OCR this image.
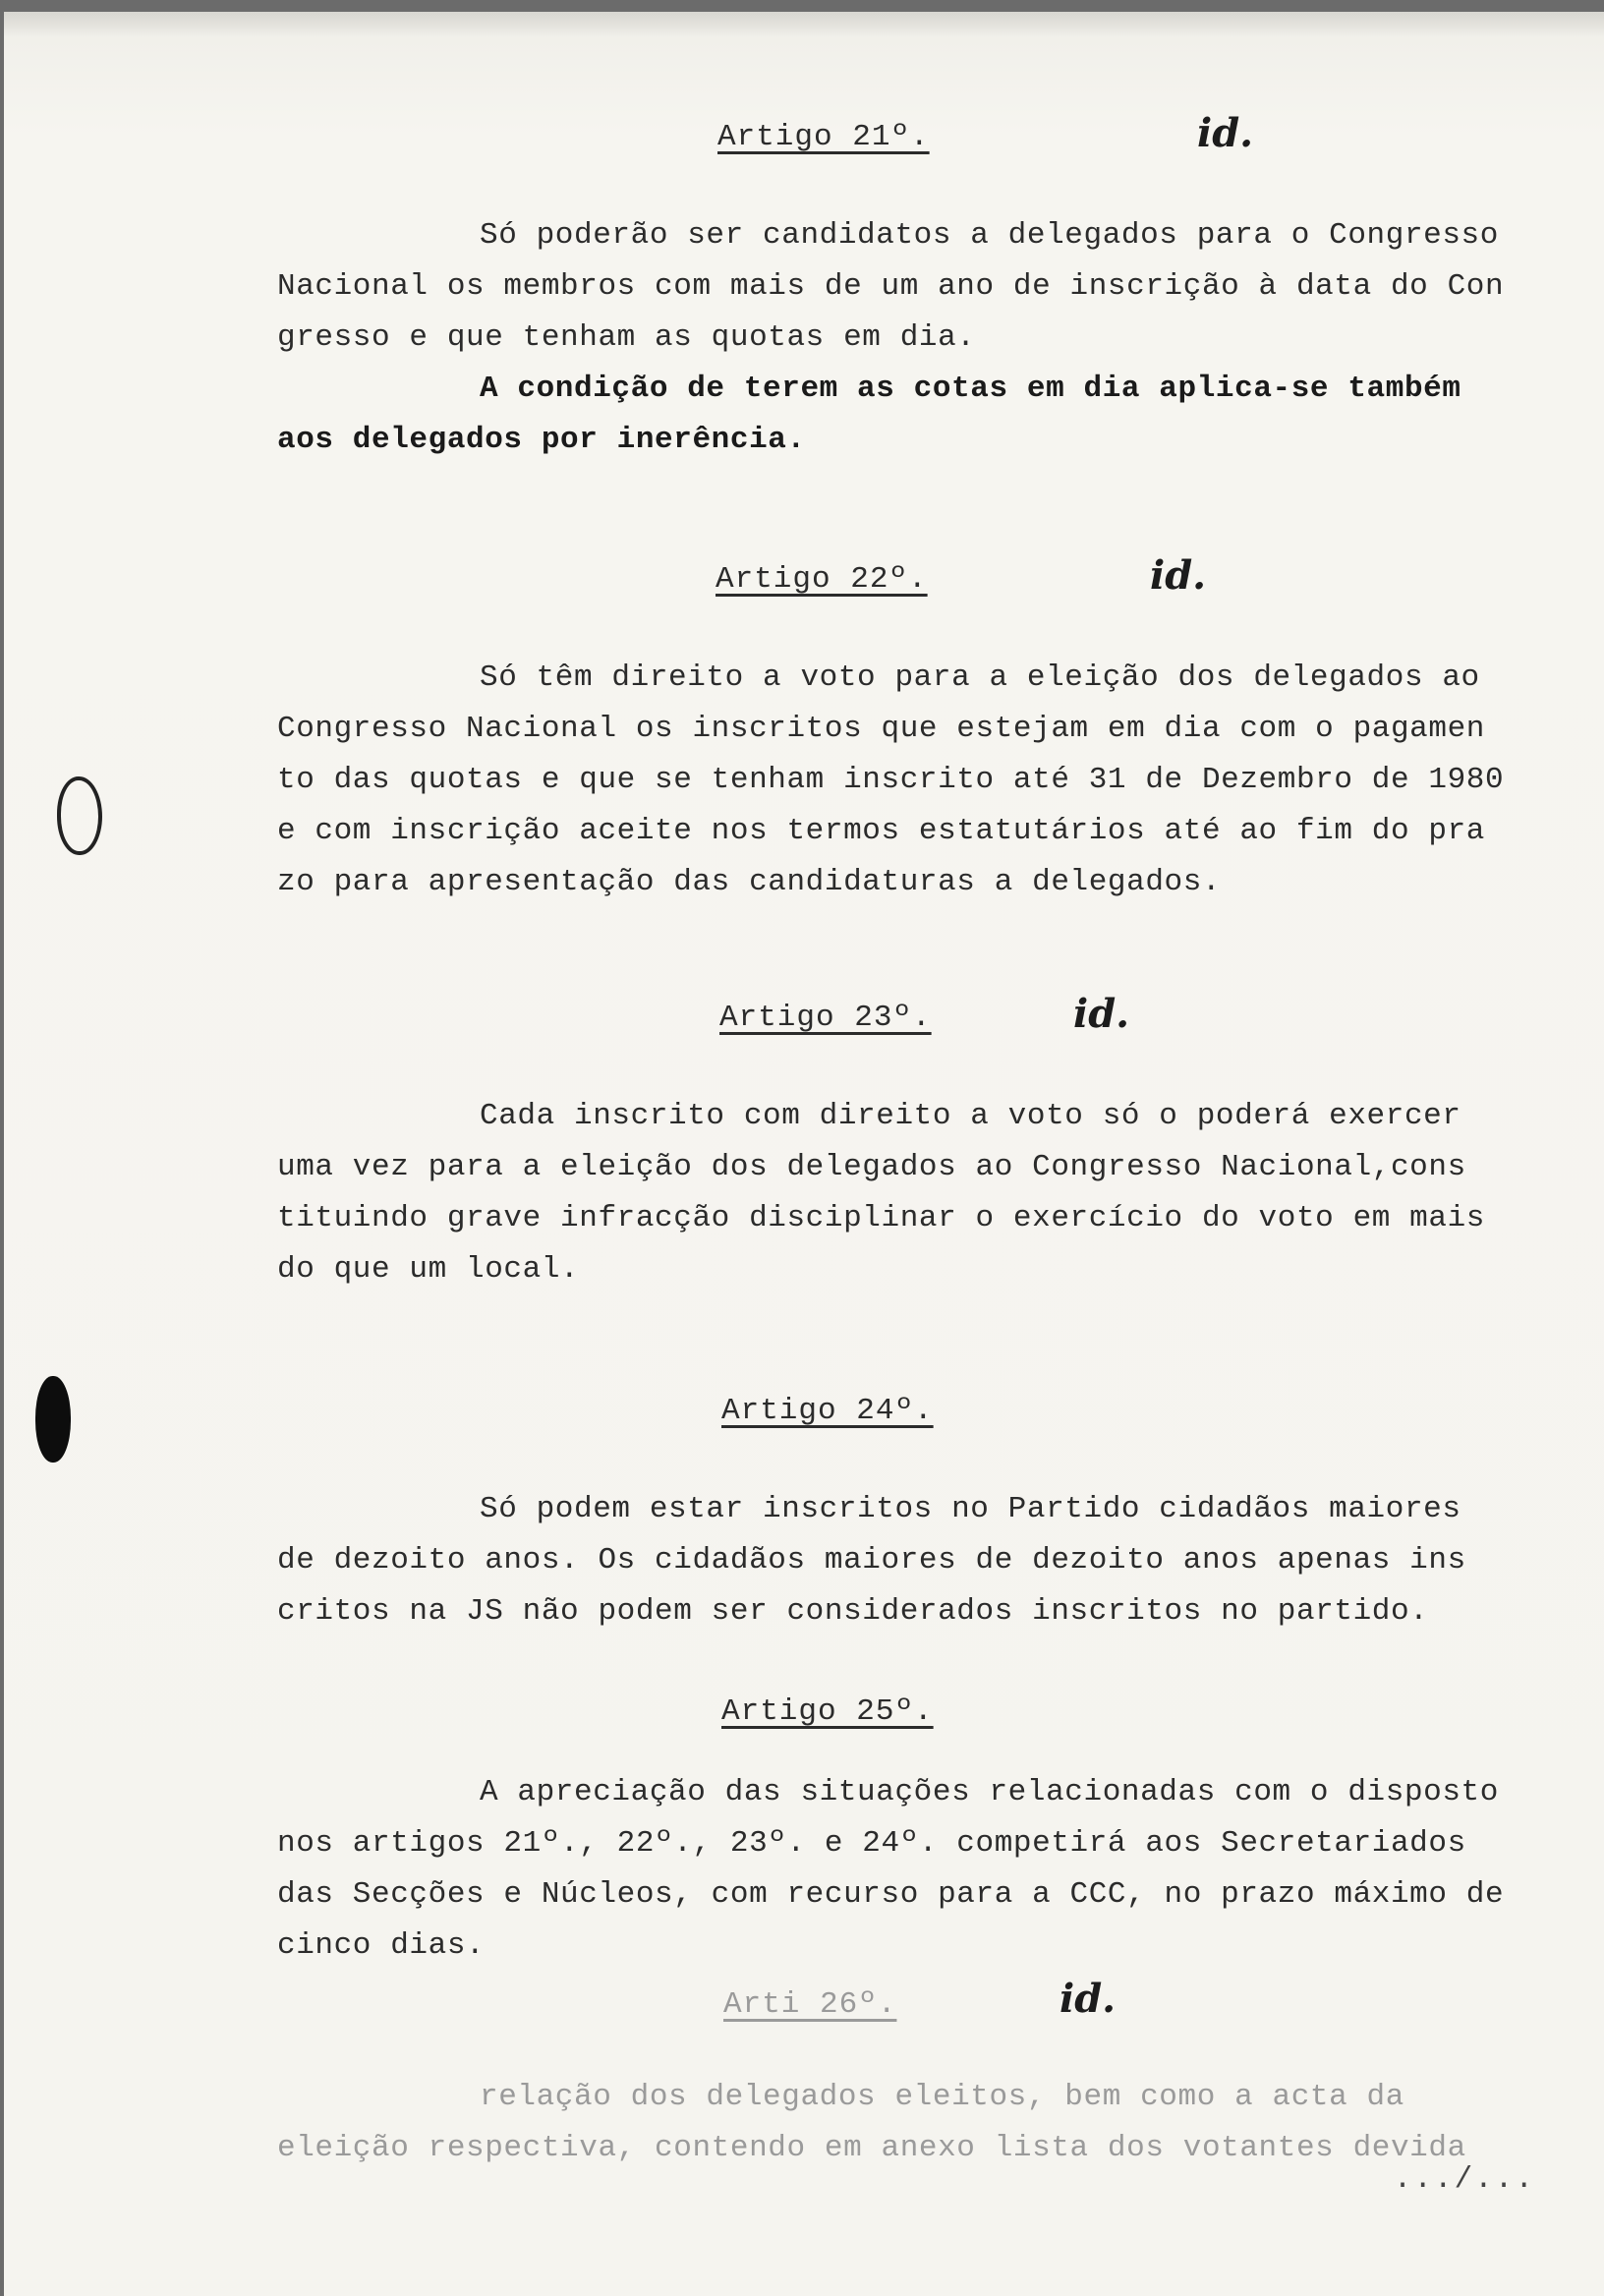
Artigo 21º.	id.
Só poderão ser candidatos a delegados para o Congresso
Nacional os membros com mais de um ano de inscrição à data do Con
gresso e que tenham as quotas em dia.
A condição de terem as cotas em dia aplica-se também
aos delegados por inerência.
Artigo 22º.	id.
Só têm direito a voto para a eleição dos delegados ao
Congresso Nacional os inscritos que estejam em dia com o pagamen
to das quotas e que se tenham inscrito até 31 de Dezembro de 1980
e com inscrição aceite nos termos estatutários até ao fim do pra
zo para apresentação das candidaturas a delegados.
Artigo 23º.	id.
Cada inscrito com direito a voto só o poderá exercer
uma vez para a eleição dos delegados ao Congresso Nacional,cons
tituindo grave infracção disciplinar o exercício do voto em mais
do que um local.
Artigo 24º.
Só podem estar inscritos no Partido cidadãos maiores
de dezoito anos. Os cidadãos maiores de dezoito anos apenas ins
critos na JS não podem ser considerados inscritos no partido.
Artigo 25º.
A apreciação das situações relacionadas com o disposto
nos artigos 21º., 22º., 23º. e 24º. competirá aos Secretariados
das Secções e Núcleos, com recurso para a CCC, no prazo máximo de
cinco dias.
Arti 26º.	id.
relação dos delegados eleitos, bem como a acta da
eleição respectiva, contendo em anexo lista dos votantes devida
.../...
